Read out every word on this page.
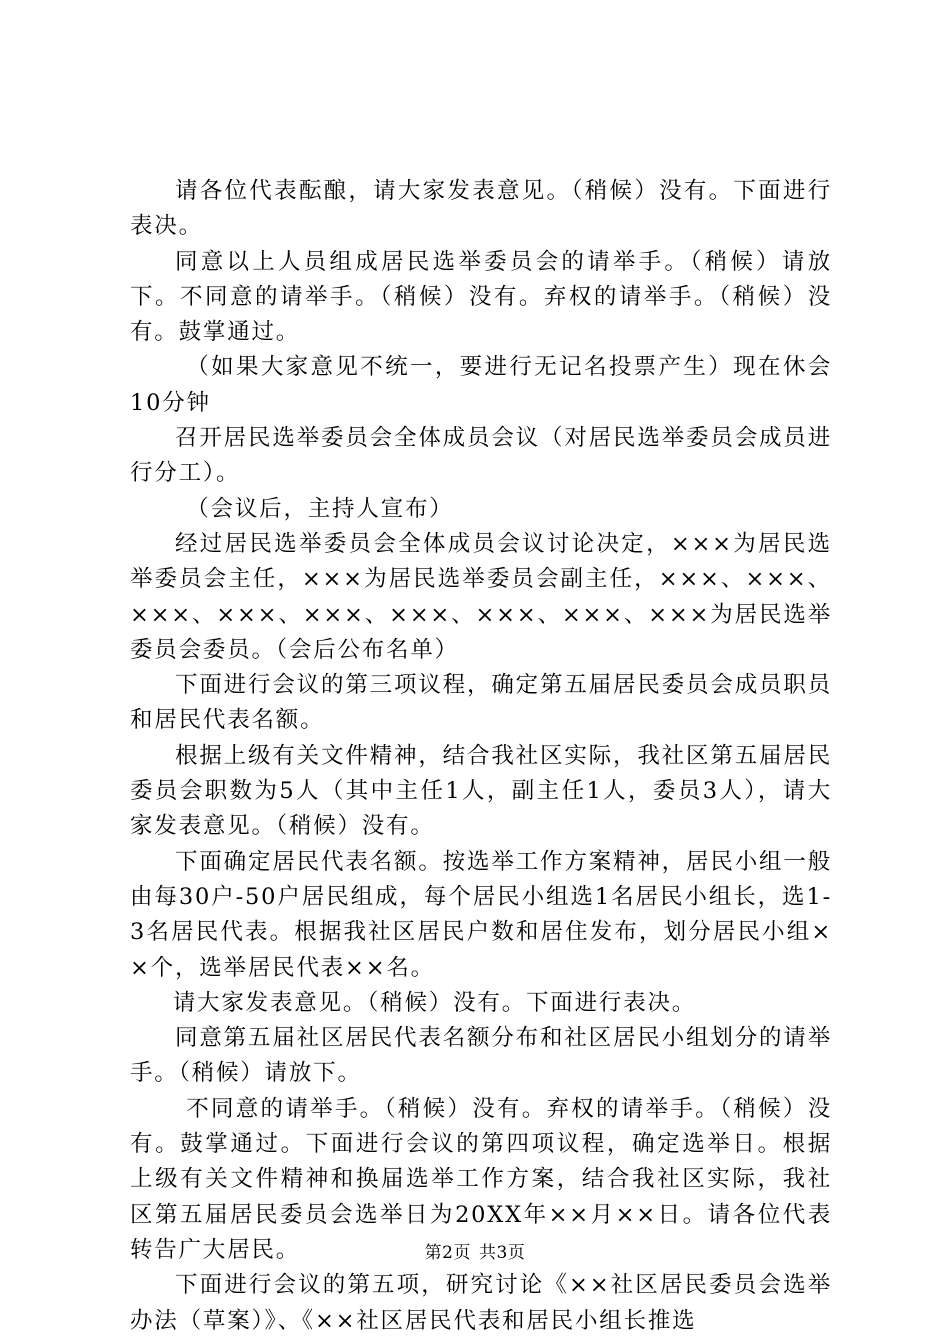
请各位代表酝酿，请大家发表意见。（稍候）没有。下面进行表决。

同意以上人员组成居民选举委员会的请举手。（稍候）请放下。不同意的请举手。（稍候）没有。弃权的请举手。（稍候）没有。鼓掌通过。

（如果大家意见不统一，要进行无记名投票产生）现在休会10分钟

召开居民选举委员会全体成员会议（对居民选举委员会成员进行分工）。

（会议后，主持人宣布）

经过居民选举委员会全体成员会议讨论决定，×××为居民选举委员会主任，×××为居民选举委员会副主任，×××、×××、×××、×××、×××、×××、×××、×××、×××为居民选举委员会委员。（会后公布名单）

下面进行会议的第三项议程，确定第五届居民委员会成员职员和居民代表名额。

根据上级有关文件精神，结合我社区实际，我社区第五届居民委员会职数为5人（其中主任1人，副主任1人，委员3人），请大家发表意见。（稍候）没有。

下面确定居民代表名额。按选举工作方案精神，居民小组一般由每30户-50户居民组成，每个居民小组选1名居民小组长，选1-3名居民代表。根据我社区居民户数和居住发布，划分居民小组××个，选举居民代表××名。

请大家发表意见。（稍候）没有。下面进行表决。

同意第五届社区居民代表名额分布和社区居民小组划分的请举手。（稍候）请放下。

不同意的请举手。（稍候）没有。弃权的请举手。（稍候）没有。鼓掌通过。下面进行会议的第四项议程，确定选举日。根据上级有关文件精神和换届选举工作方案，结合我社区实际，我社区第五届居民委员会选举日为20XX年××月××日。请各位代表转告广大居民。

下面进行会议的第五项，研究讨论《××社区居民委员会选举办法（草案）》、《××社区居民代表和居民小组长推选

第2页 共3页
